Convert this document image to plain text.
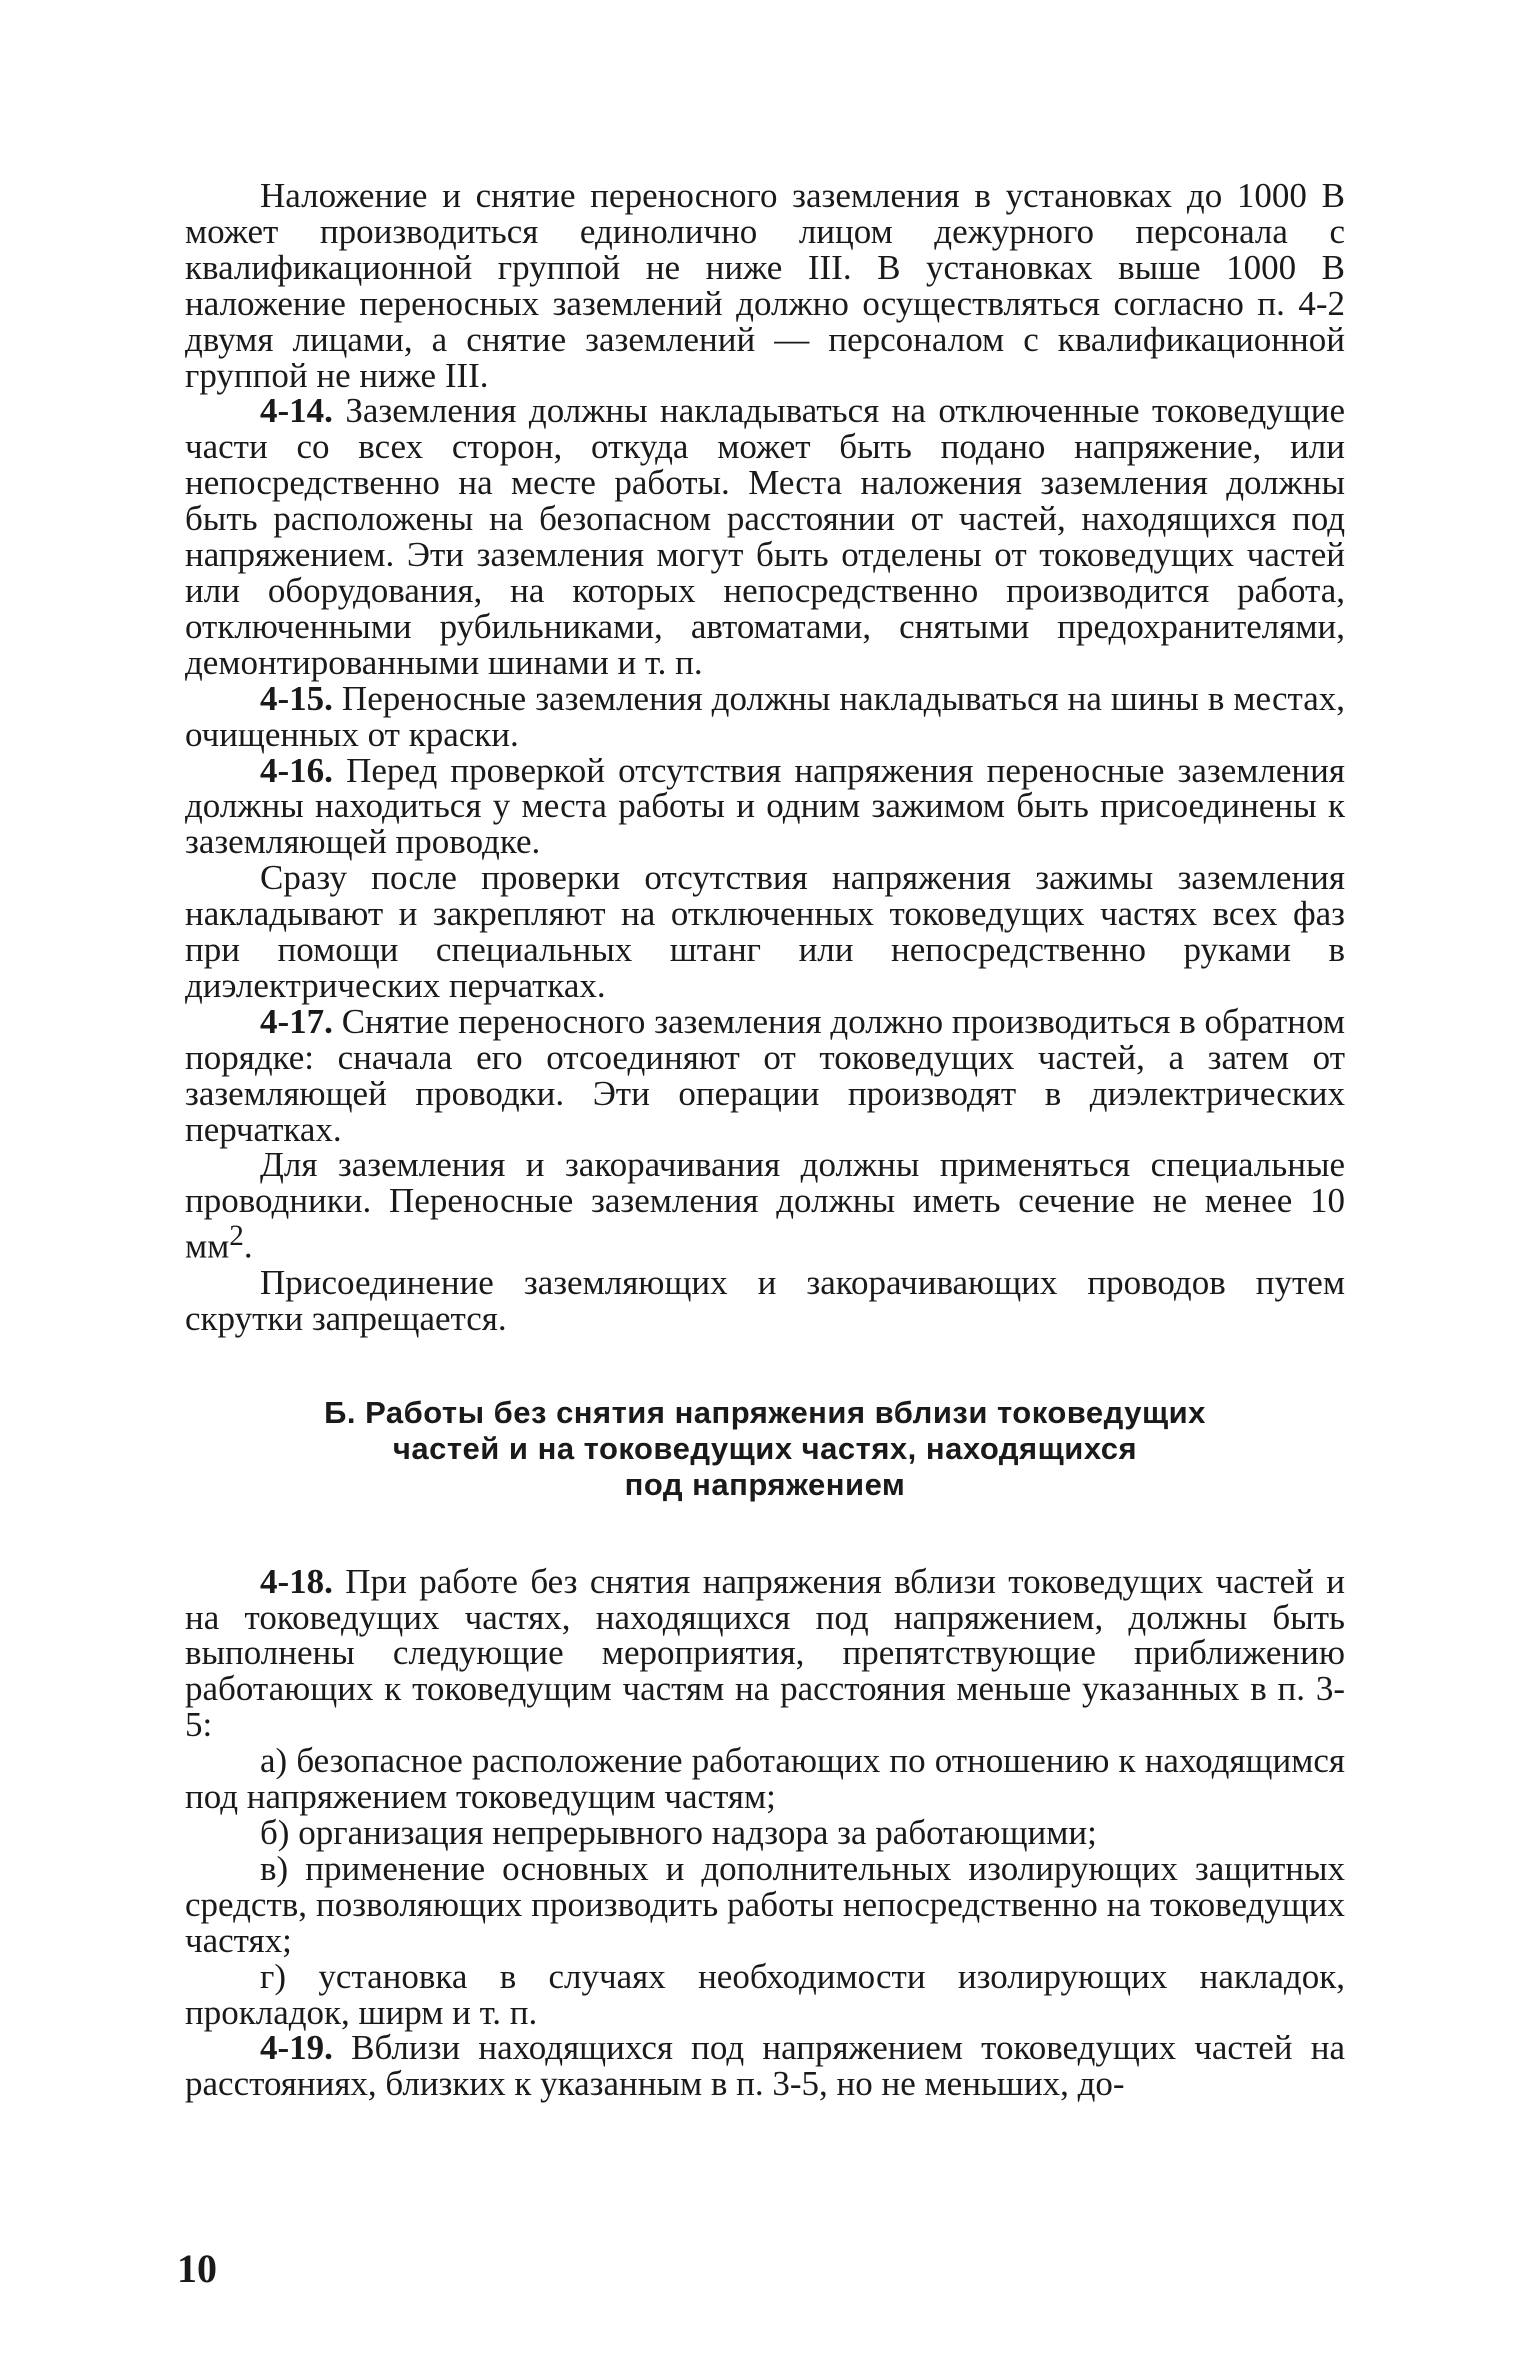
Наложение и снятие переносного заземления в установках до 1000 В может производиться единолично лицом дежурного персонала с квалификационной группой не ниже III. В установках выше 1000 В наложение переносных заземлений должно осуществляться согласно п. 4-2 двумя лицами, а снятие заземлений — персоналом с квалификационной группой не ниже III.

4-14. Заземления должны накладываться на отключенные токоведущие части со всех сторон, откуда может быть подано напряжение, или непосредственно на месте работы. Места наложения заземления должны быть расположены на безопасном расстоянии от частей, находящихся под напряжением. Эти заземления могут быть отделены от токоведущих частей или оборудования, на которых непосредственно производится работа, отключенными рубильниками, автоматами, снятыми предохранителями, демонтированными шинами и т. п.

4-15. Переносные заземления должны накладываться на шины в местах, очищенных от краски.

4-16. Перед проверкой отсутствия напряжения переносные заземления должны находиться у места работы и одним зажимом быть присоединены к заземляющей проводке.

Сразу после проверки отсутствия напряжения зажимы заземления накладывают и закрепляют на отключенных токоведущих частях всех фаз при помощи специальных штанг или непосредственно руками в диэлектрических перчатках.

4-17. Снятие переносного заземления должно производиться в обратном порядке: сначала его отсоединяют от токоведущих частей, а затем от заземляющей проводки. Эти операции производят в диэлектрических перчатках.

Для заземления и закорачивания должны применяться специальные проводники. Переносные заземления должны иметь сечение не менее 10 $мм^2$.

Присоединение заземляющих и закорачивающих проводов путем скрутки запрещается.

Б. Работы без снятия напряжения вблизи токоведущих
частей и на токоведущих частях, находящихся
под напряжением

4-18. При работе без снятия напряжения вблизи токоведущих частей и на токоведущих частях, находящихся под напряжением, должны быть выполнены следующие мероприятия, препятствующие приближению работающих к токоведущим частям на расстояния меньше указанных в п. 3-5:

а) безопасное расположение работающих по отношению к находящимся под напряжением токоведущим частям;

б) организация непрерывного надзора за работающими;

в) применение основных и дополнительных изолирующих защитных средств, позволяющих производить работы непосредственно на токоведущих частях;

г) установка в случаях необходимости изолирующих накладок, прокладок, ширм и т. п.

4-19. Вблизи находящихся под напряжением токоведущих частей на расстояниях, близких к указанным в п. 3-5, но не меньших, до-

10
